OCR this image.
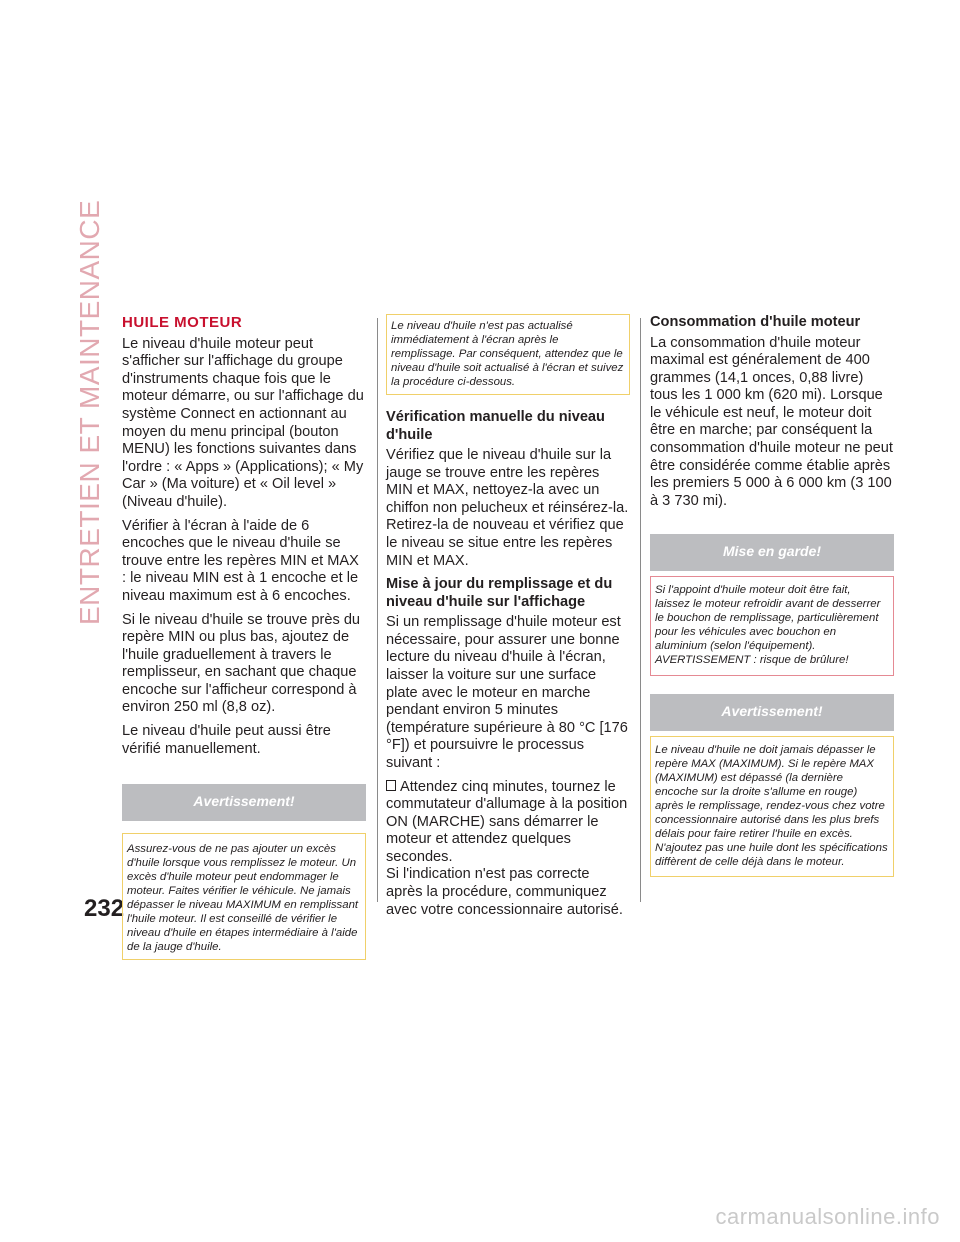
ENTRETIEN ET MAINTENANCE
232
HUILE MOTEUR

Le niveau d'huile moteur peut s'afficher sur l'affichage du groupe d'instruments chaque fois que le moteur démarre, ou sur l'affichage du système Connect en actionnant au moyen du menu principal (bouton MENU) les fonctions suivantes dans l'ordre : « Apps » (Applications); « My Car » (Ma voiture) et « Oil level » (Niveau d'huile).

Vérifier à l'écran à l'aide de 6 encoches que le niveau d'huile se trouve entre les repères MIN et MAX : le niveau MIN est à 1 encoche et le niveau maximum est à 6 encoches.

Si le niveau d'huile se trouve près du repère MIN ou plus bas, ajoutez de l'huile graduellement à travers le remplisseur, en sachant que chaque encoche sur l'afficheur correspond à environ 250 ml (8,8 oz).

Le niveau d'huile peut aussi être vérifié manuellement.

Avertissement!
Assurez-vous de ne pas ajouter un excès d'huile lorsque vous remplissez le moteur. Un excès d'huile moteur peut endommager le moteur. Faites vérifier le véhicule. Ne jamais dépasser le niveau MAXIMUM en remplissant l'huile moteur. Il est conseillé de vérifier le niveau d'huile en étapes intermédiaire à l'aide de la jauge d'huile.
Le niveau d'huile n'est pas actualisé immédiatement à l'écran après le remplissage. Par conséquent, attendez que le niveau d'huile soit actualisé à l'écran et suivez la procédure ci-dessous.
Vérification manuelle du niveau d'huile

Vérifiez que le niveau d'huile sur la jauge se trouve entre les repères MIN et MAX, nettoyez-la avec un chiffon non pelucheux et réinsérez-la. Retirez-la de nouveau et vérifiez que le niveau se situe entre les repères MIN et MAX.

Mise à jour du remplissage et du niveau d'huile sur l'affichage

Si un remplissage d'huile moteur est nécessaire, pour assurer une bonne lecture du niveau d'huile à l'écran, laisser la voiture sur une surface plate avec le moteur en marche pendant environ 5 minutes (température supérieure à 80 °C [176 °F]) et poursuivre le processus suivant :

Attendez cinq minutes, tournez le commutateur d'allumage à la position ON (MARCHE) sans démarrer le moteur et attendez quelques secondes.

Si l'indication n'est pas correcte après la procédure, communiquez avec votre concessionnaire autorisé.

Consommation d'huile moteur

La consommation d'huile moteur maximal est généralement de 400 grammes (14,1 onces, 0,88 livre) tous les 1 000 km (620 mi). Lorsque le véhicule est neuf, le moteur doit être en marche; par conséquent la consommation d'huile moteur ne peut être considérée comme établie après les premiers 5 000 à 6 000 km (3 100 à 3 730 mi).

Mise en garde!
Si l'appoint d'huile moteur doit être fait, laissez le moteur refroidir avant de desserrer le bouchon de remplissage, particulièrement pour les véhicules avec bouchon en aluminium (selon l'équipement). AVERTISSEMENT : risque de brûlure!
Avertissement!
Le niveau d'huile ne doit jamais dépasser le repère MAX (MAXIMUM). Si le repère MAX (MAXIMUM) est dépassé (la dernière encoche sur la droite s'allume en rouge) après le remplissage, rendez-vous chez votre concessionnaire autorisé dans les plus brefs délais pour faire retirer l'huile en excès. N'ajoutez pas une huile dont les spécifications diffèrent de celle déjà dans le moteur.
carmanualsonline.info
